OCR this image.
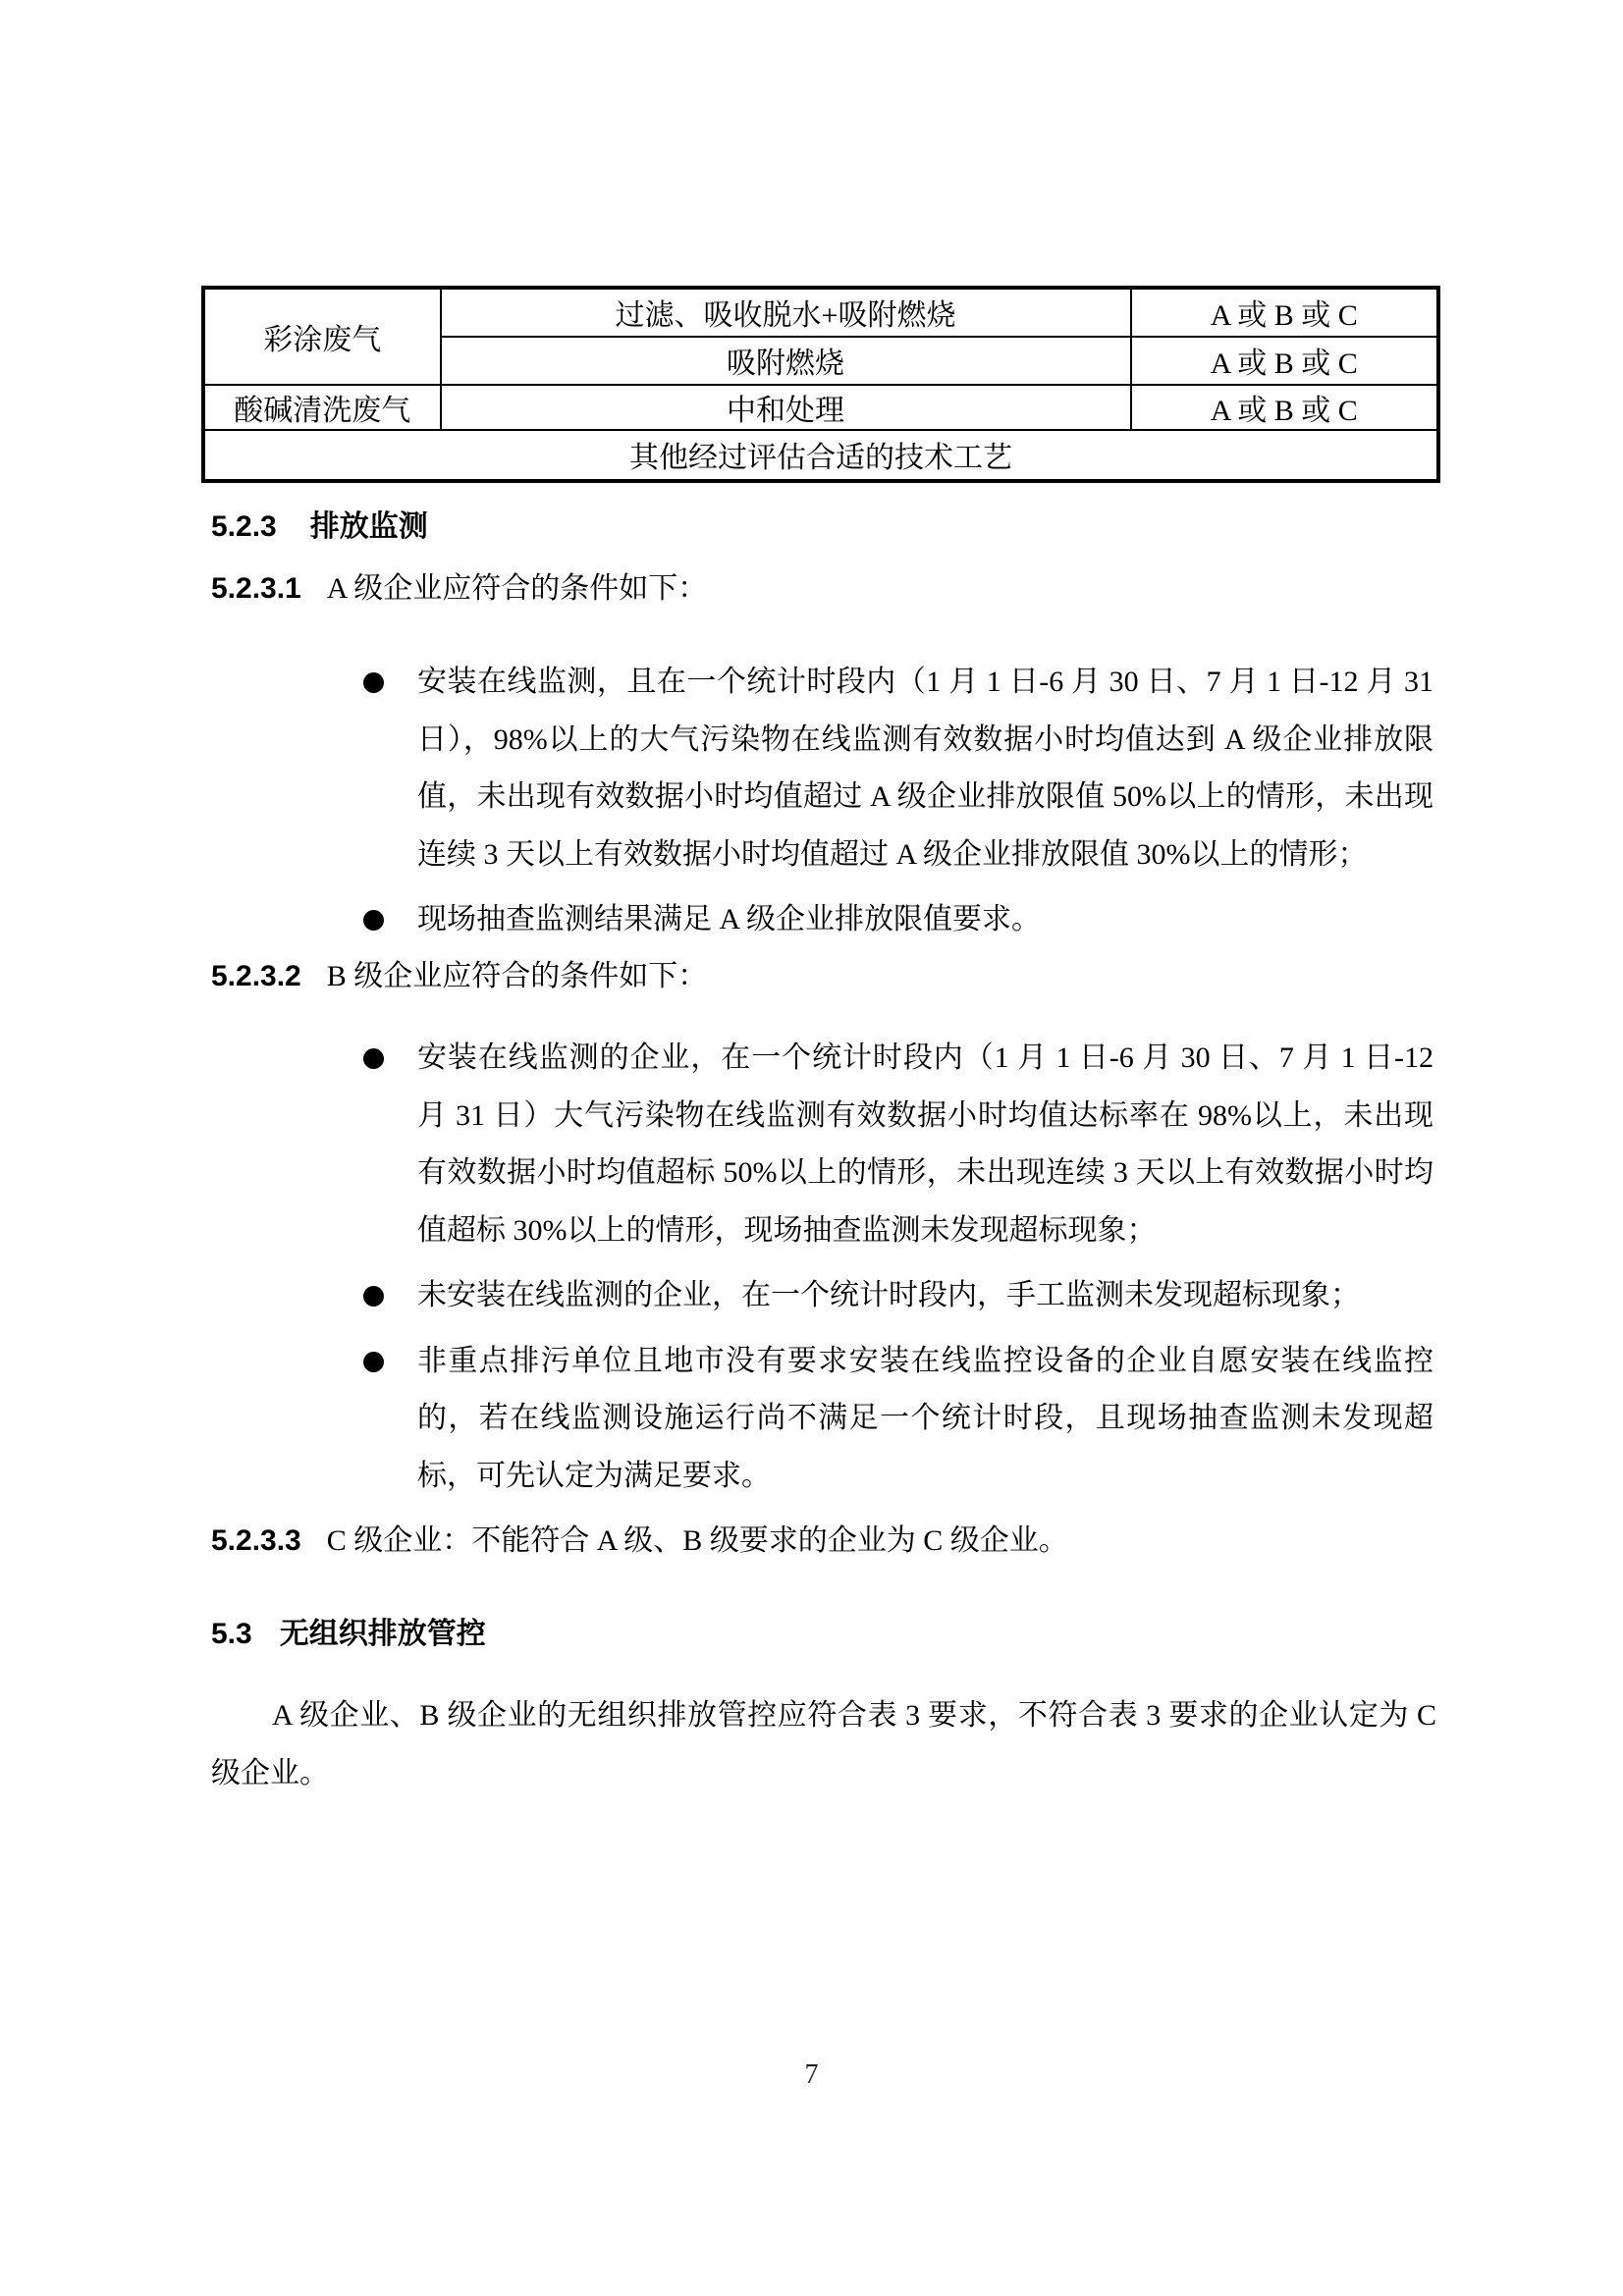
彩涂废气	过滤、吸收脱水+吸附燃烧	A 或 B 或 C
	吸附燃烧	A 或 B 或 C
酸碱清洗废气	中和处理	A 或 B 或 C
其他经过评估合适的技术工艺		
5.2.3 排放监测
5.2.3.1 A 级企业应符合的条件如下：
安装在线监测，且在一个统计时段内（1 月 1 日-6 月 30 日、7 月 1 日-12 月 31 日），98%以上的大气污染物在线监测有效数据小时均值达到 A 级企业排放限值，未出现有效数据小时均值超过 A 级企业排放限值 50%以上的情形，未出现连续 3 天以上有效数据小时均值超过 A 级企业排放限值 30%以上的情形；
现场抽查监测结果满足 A 级企业排放限值要求。
5.2.3.2 B 级企业应符合的条件如下：
安装在线监测的企业，在一个统计时段内（1 月 1 日-6 月 30 日、7 月 1 日-12 月 31 日）大气污染物在线监测有效数据小时均值达标率在 98%以上，未出现有效数据小时均值超标 50%以上的情形，未出现连续 3 天以上有效数据小时均值超标 30%以上的情形，现场抽查监测未发现超标现象；
未安装在线监测的企业，在一个统计时段内，手工监测未发现超标现象；
非重点排污单位且地市没有要求安装在线监控设备的企业自愿安装在线监控的，若在线监测设施运行尚不满足一个统计时段，且现场抽查监测未发现超标，可先认定为满足要求。
5.2.3.3 C 级企业：不能符合 A 级、B 级要求的企业为 C 级企业。
5.3 无组织排放管控
A 级企业、B 级企业的无组织排放管控应符合表 3 要求，不符合表 3 要求的企业认定为 C 级企业。
7
